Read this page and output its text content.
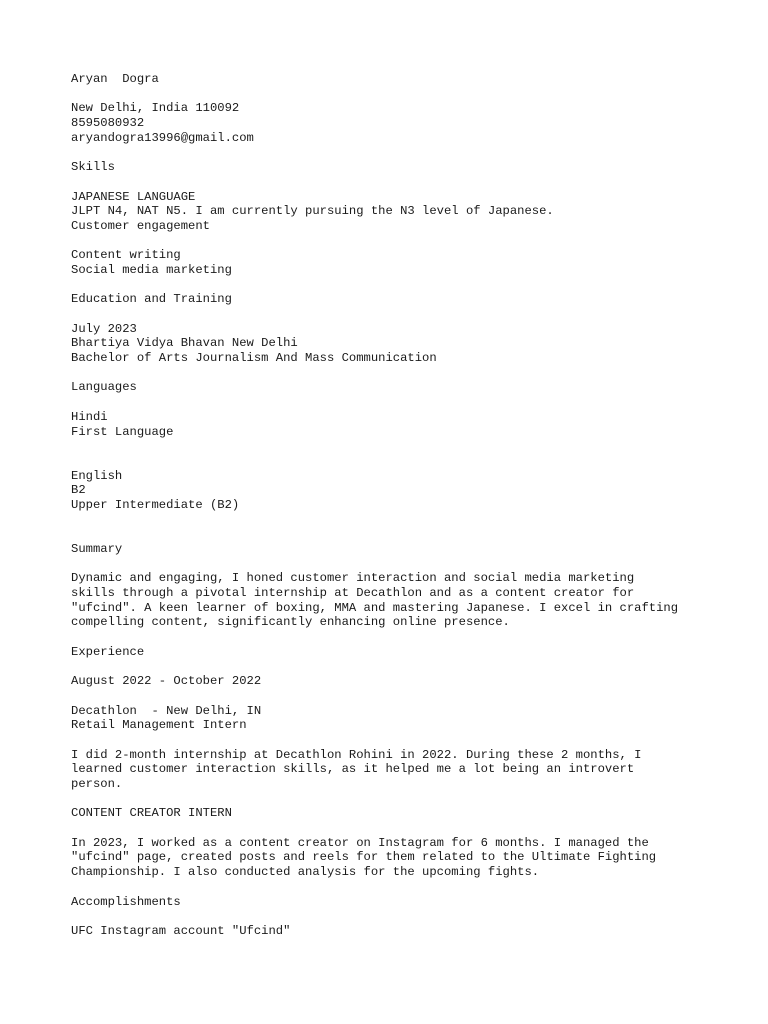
Aryan  Dogra
New Delhi, India 110092
8595080932
aryandogra13996@gmail.com
Skills
JAPANESE LANGUAGE
JLPT N4, NAT N5. I am currently pursuing the N3 level of Japanese.
Customer engagement
Content writing
Social media marketing
Education and Training
July 2023
Bhartiya Vidya Bhavan New Delhi
Bachelor of Arts Journalism And Mass Communication
Languages
Hindi
First Language
English
B2
Upper Intermediate (B2)
Summary
Dynamic and engaging, I honed customer interaction and social media marketing
skills through a pivotal internship at Decathlon and as a content creator for
"ufcind". A keen learner of boxing, MMA and mastering Japanese. I excel in crafting
compelling content, significantly enhancing online presence.
Experience
August 2022 - October 2022
Decathlon  - New Delhi, IN
Retail Management Intern
I did 2-month internship at Decathlon Rohini in 2022. During these 2 months, I
learned customer interaction skills, as it helped me a lot being an introvert
person.
CONTENT CREATOR INTERN
In 2023, I worked as a content creator on Instagram for 6 months. I managed the
"ufcind" page, created posts and reels for them related to the Ultimate Fighting
Championship. I also conducted analysis for the upcoming fights.
Accomplishments
UFC Instagram account "Ufcind"
